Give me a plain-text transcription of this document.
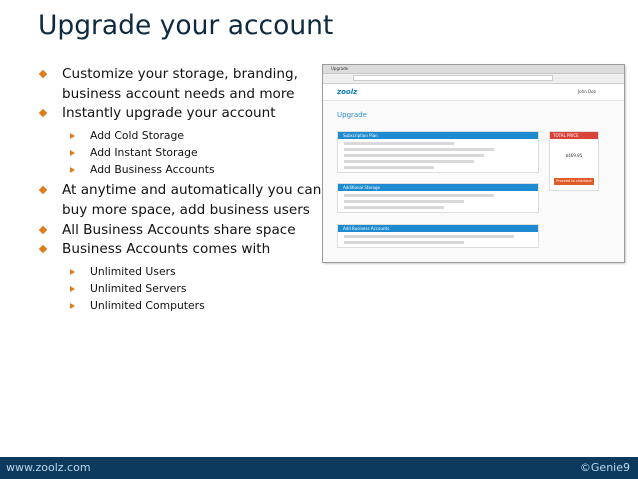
Upgrade your account
Customize your storage, branding, business account needs and more
Instantly upgrade your account
Add Cold Storage
Add Instant Storage
Add Business Accounts
At anytime and automatically you can buy more space, add business users
All Business Accounts share space
Business Accounts comes with
Unlimited Users
Unlimited Servers
Unlimited Computers
Upgrade
zoolz	John Doe
Upgrade
Subscription Plan
Additional Storage
Add Business Accounts
TOTAL PRICE
$469.95
Proceed to checkout
www.zoolz.com	©Genie9
